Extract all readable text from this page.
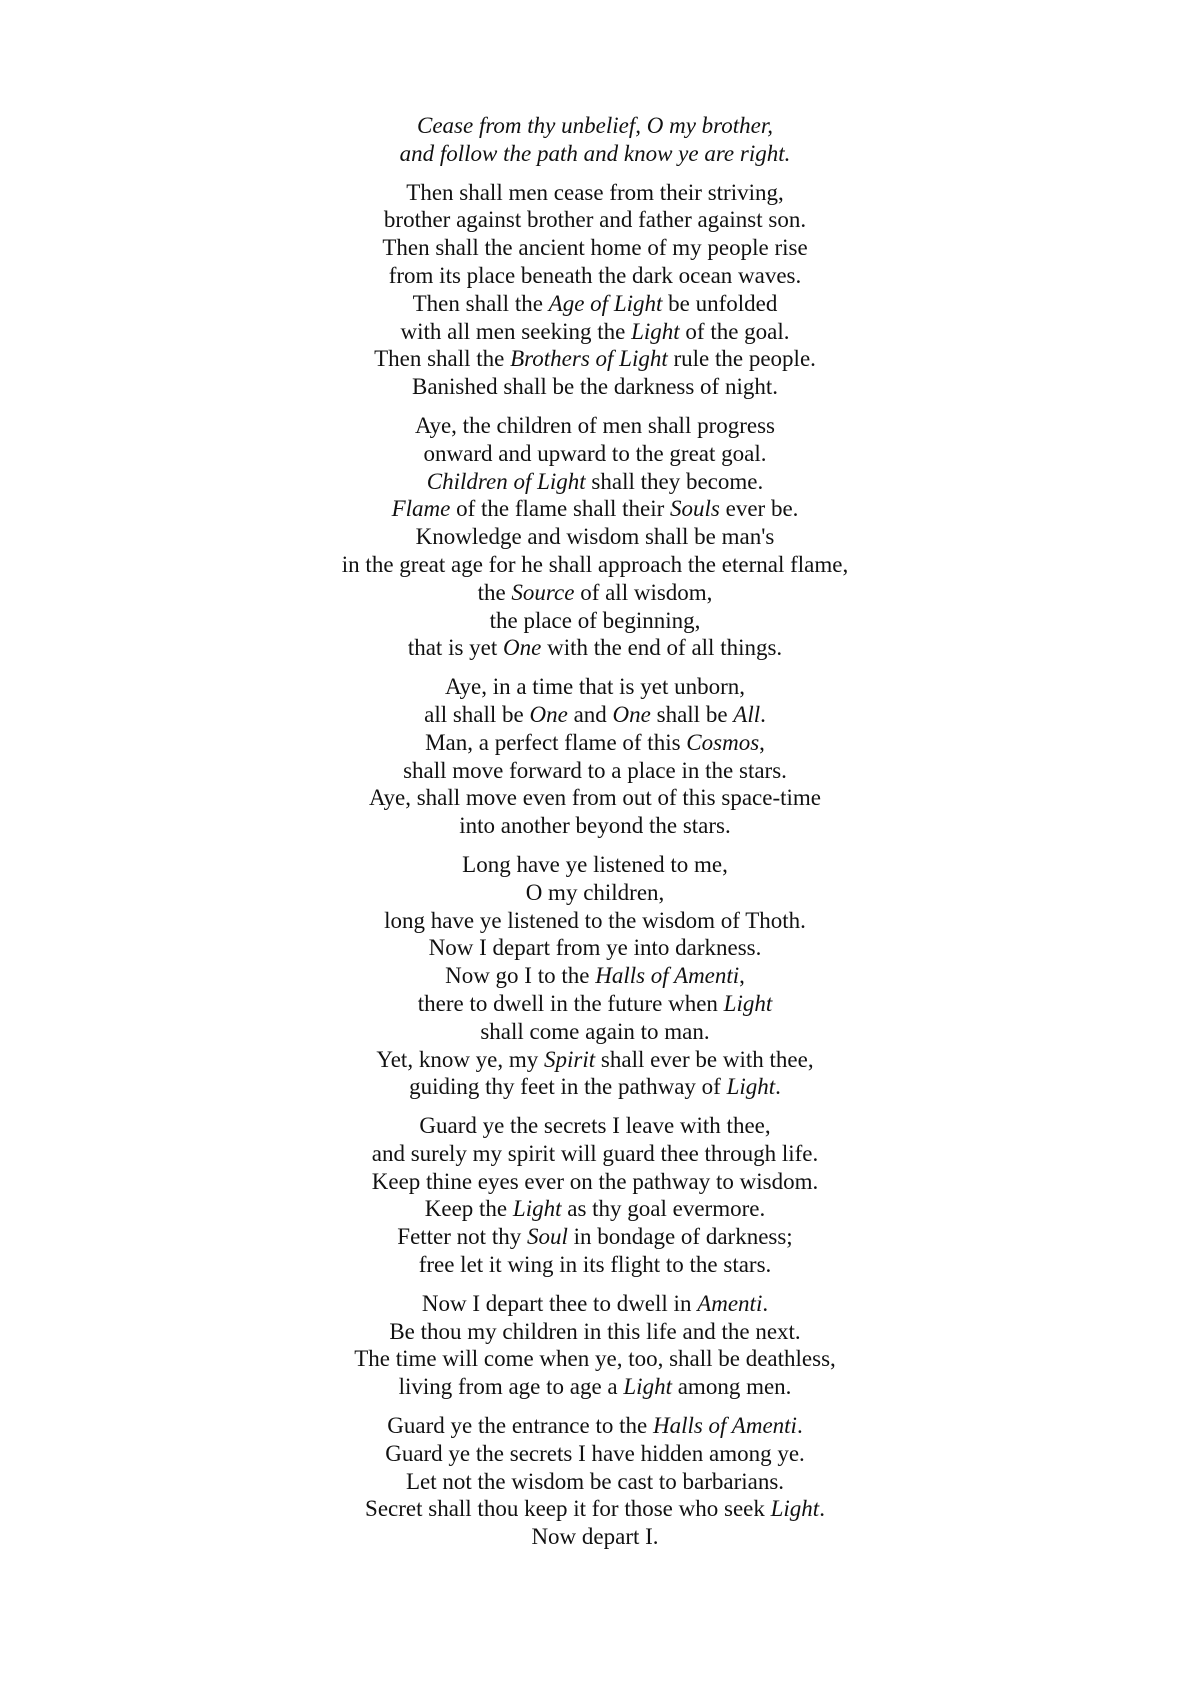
Cease from thy unbelief, O my brother,
and follow the path and know ye are right.
Then shall men cease from their striving,
brother against brother and father against son.
Then shall the ancient home of my people rise
from its place beneath the dark ocean waves.
Then shall the Age of Light be unfolded
with all men seeking the Light of the goal.
Then shall the Brothers of Light rule the people.
Banished shall be the darkness of night.
Aye, the children of men shall progress
onward and upward to the great goal.
Children of Light shall they become.
Flame of the flame shall their Souls ever be.
Knowledge and wisdom shall be man's
in the great age for he shall approach the eternal flame,
the Source of all wisdom,
the place of beginning,
that is yet One with the end of all things.
Aye, in a time that is yet unborn,
all shall be One and One shall be All.
Man, a perfect flame of this Cosmos,
shall move forward to a place in the stars.
Aye, shall move even from out of this space-time
into another beyond the stars.
Long have ye listened to me,
O my children,
long have ye listened to the wisdom of Thoth.
Now I depart from ye into darkness.
Now go I to the Halls of Amenti,
there to dwell in the future when Light
shall come again to man.
Yet, know ye, my Spirit shall ever be with thee,
guiding thy feet in the pathway of Light.
Guard ye the secrets I leave with thee,
and surely my spirit will guard thee through life.
Keep thine eyes ever on the pathway to wisdom.
Keep the Light as thy goal evermore.
Fetter not thy Soul in bondage of darkness;
free let it wing in its flight to the stars.
Now I depart thee to dwell in Amenti.
Be thou my children in this life and the next.
The time will come when ye, too, shall be deathless,
living from age to age a Light among men.
Guard ye the entrance to the Halls of Amenti.
Guard ye the secrets I have hidden among ye.
Let not the wisdom be cast to barbarians.
Secret shall thou keep it for those who seek Light.
Now depart I.
